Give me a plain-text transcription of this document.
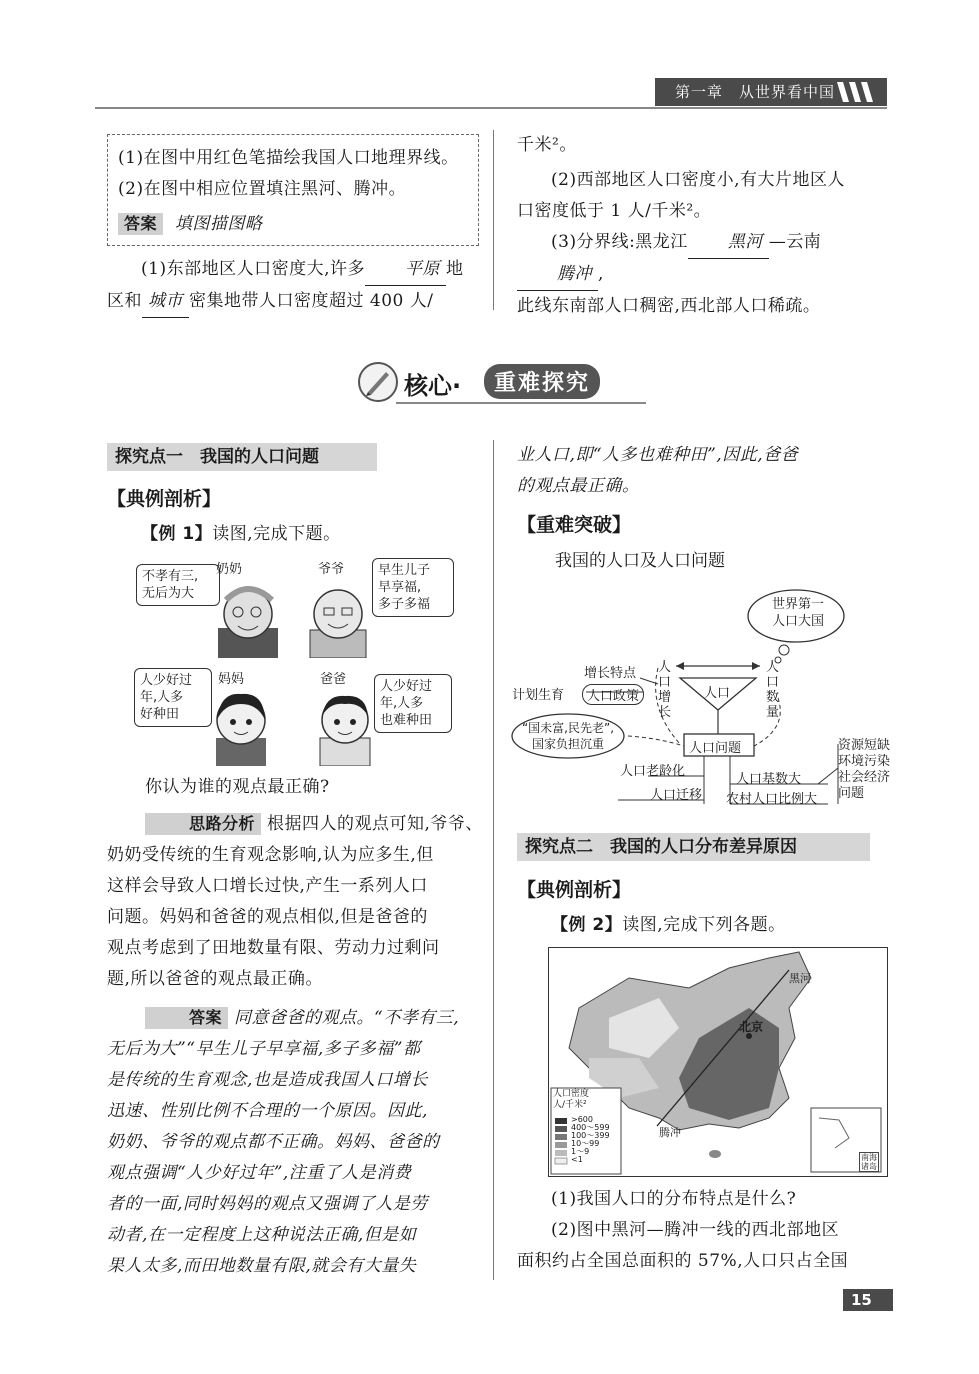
第一章　从世界看中国

(1)在图中用红色笔描绘我国人口地理界线。

(2)在图中相应位置填注黑河、腾冲。

答案 填图描图略

(1)东部地区人口密度大,许多 平原 地

区和 城市 密集地带人口密度超过 400 人/

千米²。

(2)西部地区人口密度小,有大片地区人

口密度低于 1 人/千米²。

(3)分界线:黑龙江 黑河 —云南腾冲 ,

此线东南部人口稠密,西北部人口稀疏。

核心·	重难探究
探究点一　我国的人口问题
【典例剖析】

【例 1】读图,完成下题。

不孝有三,
无后为大
奶奶	爷爷	早生儿子
早享福,
多子多福
人少好过
年,人多
好种田
妈妈	爸爸	人少好过
年,人多
也难种田

你认为谁的观点最正确?

思路分析 根据四人的观点可知,爷爷、

奶奶受传统的生育观念影响,认为应多生,但

这样会导致人口增长过快,产生一系列人口

问题。妈妈和爸爸的观点相似,但是爸爸的

观点考虑到了田地数量有限、劳动力过剩问

题,所以爸爸的观点最正确。

答案 同意爸爸的观点。“不孝有三,

无后为大”“早生儿子早享福,多子多福”都

是传统的生育观念,也是造成我国人口增长

迅速、性别比例不合理的一个原因。因此,

奶奶、爷爷的观点都不正确。妈妈、爸爸的

观点强调“人少好过年”,注重了人是消费

者的一面,同时妈妈的观点又强调了人是劳

动者,在一定程度上这种说法正确,但是如

果人太多,而田地数量有限,就会有大量失

业人口,即“人多也难种田”,因此,爸爸

的观点最正确。

【重难突破】
我国的人口及人口问题
世界第一
人口大国
增长特点
计划生育	人口政策
人口增长
人口数量
人口
人口问题
“国未富,民先老”,
国家负担沉重
人口老龄化
人口迁移
人口基数大
农村人口比例大
资源短缺
环境污染
社会经济
问题
探究点二　我国的人口分布差异原因
【典例剖析】

【例 2】读图,完成下列各题。

黑河
北京
腾冲
人口密度
人/千米²
>600
400～599
100～399
10～99
1～9
<1	南海
诸岛

(1)我国人口的分布特点是什么?

(2)图中黑河—腾冲一线的西北部地区

面积约占全国总面积的 57%,人口只占全国

15
